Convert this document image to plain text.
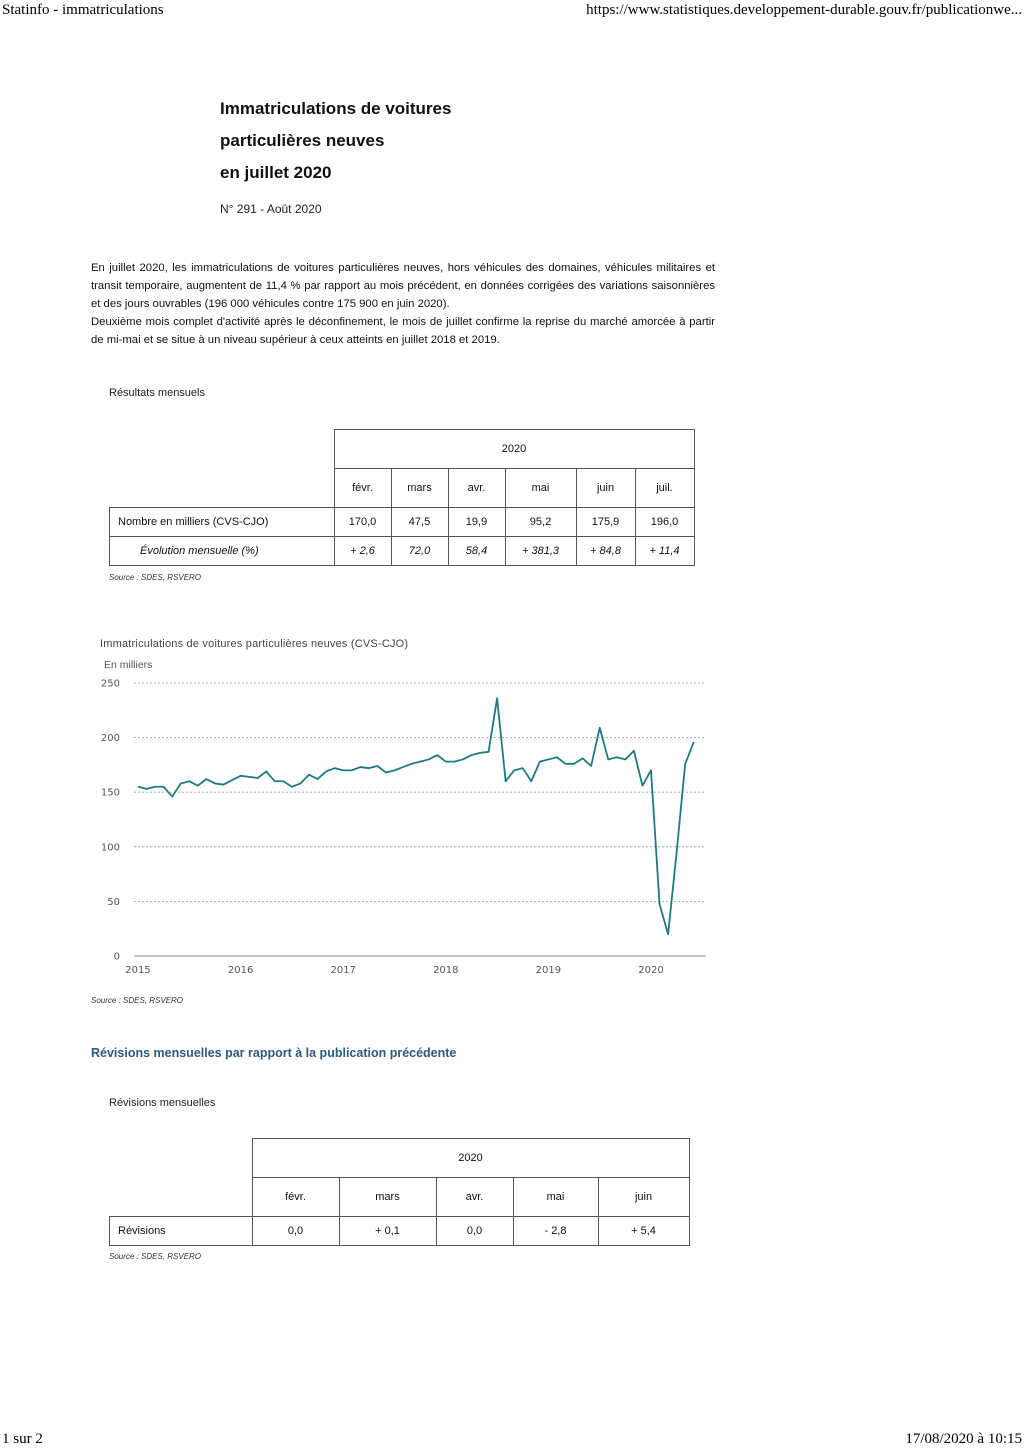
Statinfo - immatriculations	https://www.statistiques.developpement-durable.gouv.fr/publicationwe...
Immatriculations de voitures
particulières neuves
en juillet 2020
N° 291 - Août 2020

En juillet 2020, les immatriculations de voitures particulières neuves, hors véhicules des domaines, véhicules militaires et transit temporaire, augmentent de 11,4 % par rapport au mois précédent, en données corrigées des variations saisonnières et des jours ouvrables (196 000 véhicules contre 175 900 en juin 2020).

Deuxième mois complet d'activité après le déconfinement, le mois de juillet confirme la reprise du marché amorcée à partir de mi-mai et se situe à un niveau supérieur à ceux atteints en juillet 2018 et 2019.

Résultats mensuels
	2020					
	févr.	mars	avr.	mai	juin	juil.
Nombre en milliers (CVS-CJO)	170,0	47,5	19,9	95,2	175,9	196,0
Évolution mensuelle (%)	+ 2,6	72,0	58,4	+ 381,3	+ 84,8	+ 11,4
Source : SDES, RSVERO
Immatriculations de voitures particulières neuves (CVS-CJO)
En milliers
0
50
100
150
200
250
2015	2016	2017	2018	2019	2020
Source : SDES, RSVERO
Révisions mensuelles par rapport à la publication précédente
Révisions mensuelles
	2020				
	févr.	mars	avr.	mai	juin
Révisions	0,0	+ 0,1	0,0	- 2,8	+ 5,4
Source : SDES, RSVERO
1 sur 2	17/08/2020 à 10:15
